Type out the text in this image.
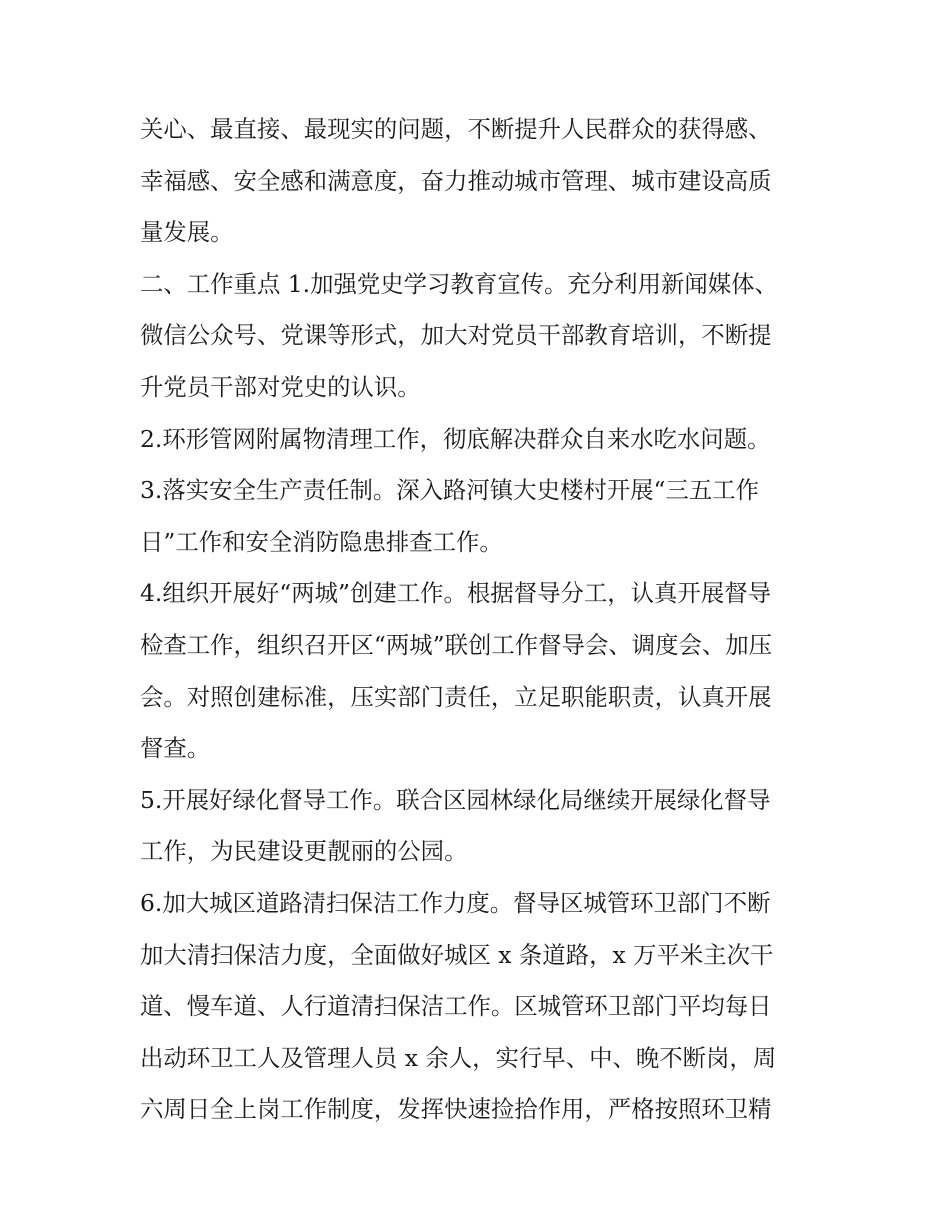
关心、最直接、最现实的问题，不断提升人民群众的获得感、
幸福感、安全感和满意度，奋力推动城市管理、城市建设高质
量发展。
二、工作重点 1.加强党史学习教育宣传。充分利用新闻媒体、
微信公众号、党课等形式，加大对党员干部教育培训，不断提
升党员干部对党史的认识。
2.环形管网附属物清理工作，彻底解决群众自来水吃水问题。
3.落实安全生产责任制。深入路河镇大史楼村开展“三五工作
日”工作和安全消防隐患排查工作。
4.组织开展好“两城”创建工作。根据督导分工，认真开展督导
检查工作，组织召开区“两城”联创工作督导会、调度会、加压
会。对照创建标准，压实部门责任，立足职能职责，认真开展
督查。
5.开展好绿化督导工作。联合区园林绿化局继续开展绿化督导
工作，为民建设更靓丽的公园。
6.加大城区道路清扫保洁工作力度。督导区城管环卫部门不断
加大清扫保洁力度，全面做好城区 x 条道路，x 万平米主次干
道、慢车道、人行道清扫保洁工作。区城管环卫部门平均每日
出动环卫工人及管理人员 x 余人，实行早、中、晚不断岗，周
六周日全上岗工作制度，发挥快速捡拾作用，严格按照环卫精
